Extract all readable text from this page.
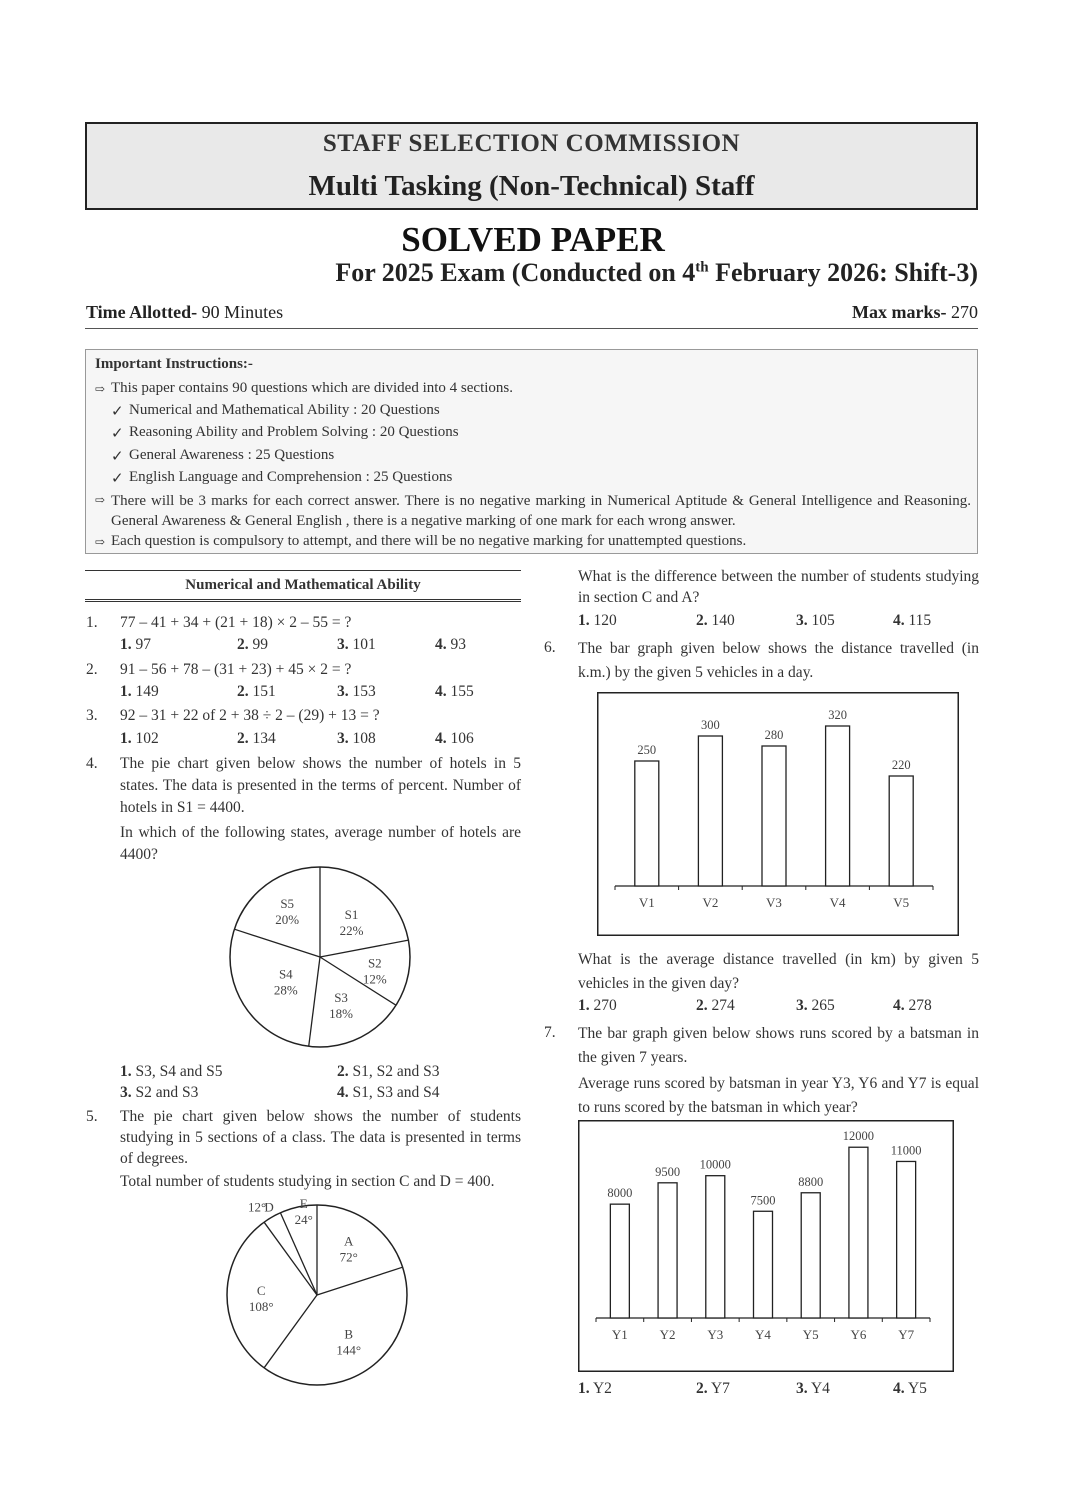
STAFF SELECTION COMMISSION
Multi Tasking (Non-Technical) Staff
SOLVED PAPER
For 2025 Exam (Conducted on 4th February 2026: Shift-3)
Time Allotted- 90 Minutes	Max marks- 270
Important Instructions:-
⇨ This paper contains 90 questions which are divided into 4 sections.
✓ Numerical and Mathematical Ability : 20 Questions
✓ Reasoning Ability and Problem Solving : 20 Questions
✓ General Awareness : 25 Questions
✓ English Language and Comprehension : 25 Questions
⇨ There will be 3 marks for each correct answer. There is no negative marking in Numerical Aptitude & General Intelligence and Reasoning. General Awareness & General English , there is a negative marking of one mark for each wrong answer.
⇨ Each question is compulsory to attempt, and there will be no negative marking for unattempted questions.
Numerical and Mathematical Ability
1. 77 – 41 + 34 + (21 + 18) × 2 – 55 = ?
1. 97	2. 99	3. 101	4. 93
2. 91 – 56 + 78 – (31 + 23) + 45 × 2 = ?
1. 149	2. 151	3. 153	4. 155
3. 92 – 31 + 22 of 2 + 38 ÷ 2 – (29) + 13 = ?
1. 102	2. 134	3. 108	4. 106
4. The pie chart given below shows the number of hotels in 5 states. The data is presented in the terms of percent. Number of hotels in S1 = 4400.
In which of the following states, average number of hotels are 4400?
S1
22%
S2
12%
S3
18%
S4
28%
S5
20%
1. S3, S4 and S5	2. S1, S2 and S3
3. S2 and S3	4. S1, S3 and S4
5. The pie chart given below shows the number of students studying in 5 sections of a class. The data is presented in terms of degrees.
Total number of students studying in section C and D = 400.
A
72°
B
144°
C
108°
D
12°	E
24°
What is the difference between the number of students studying in section C and A?
1. 120	2. 140	3. 105	4. 115
6. The bar graph given below shows the distance travelled (in k.m.) by the given 5 vehicles in a day.
250
V1
300
V2
280
V3
320
V4
220
V5
What is the average distance travelled (in km) by given 5 vehicles in the given day?
1. 270	2. 274	3. 265	4. 278
7. The bar graph given below shows runs scored by a batsman in the given 7 years.
Average runs scored by batsman in year Y3, Y6 and Y7 is equal to runs scored by the batsman in which year?
8000
Y1
9500
Y2
10000
Y3
7500
Y4
8800
Y5
12000
Y6
11000
Y7
1. Y2	2. Y7	3. Y4	4. Y5
